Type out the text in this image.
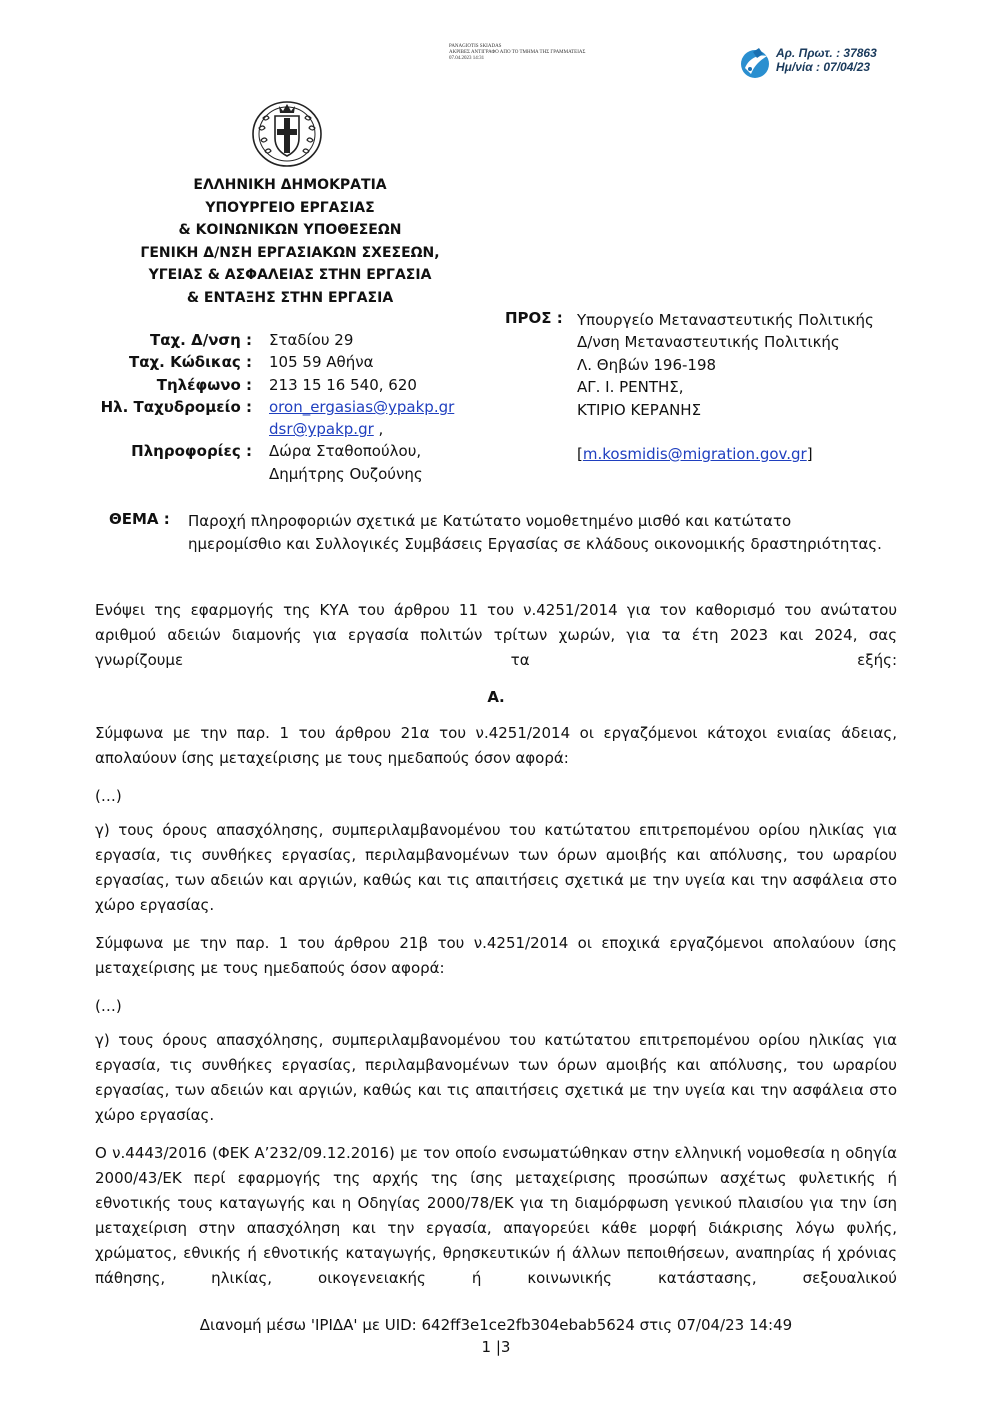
PANAGIOTIS SKIADAS
ΑΚΡΙΒΕΣ ΑΝΤΙΓΡΑΦΟ ΑΠΟ ΤΟ ΤΜΗΜΑ ΤΗΣ ΓΡΑΜΜΑΤΕΙΑΣ
07.04.2023 14:31	Αρ. Πρωτ. : 37863
Ημ/νία : 07/04/23
ΕΛΛΗΝΙΚΗ ΔΗΜΟΚΡΑΤΙΑ
ΥΠΟΥΡΓΕΙΟ ΕΡΓΑΣΙΑΣ
& ΚΟΙΝΩΝΙΚΩΝ ΥΠΟΘΕΣΕΩΝ
ΓΕΝΙΚΗ Δ/ΝΣΗ ΕΡΓΑΣΙΑΚΩΝ ΣΧΕΣΕΩΝ,
ΥΓΕΙΑΣ & ΑΣΦΑΛΕΙΑΣ ΣΤΗΝ ΕΡΓΑΣΙΑ
& ΕΝΤΑΞΗΣ ΣΤΗΝ ΕΡΓΑΣΙΑ
Ταχ. Δ/νση : Σταδίου 29
Ταχ. Κώδικας : 105 59 Αθήνα
Τηλέφωνο : 213 15 16 540, 620
Ηλ. Ταχυδρομείο : oron_ergasias@ypakp.gr
dsr@ypakp.gr ,
Πληροφορίες : Δώρα Σταθοπούλου,
Δημήτρης Ουζούνης
ΠΡΟΣ : Υπουργείο Μεταναστευτικής Πολιτικής
Δ/νση Μεταναστευτικής Πολιτικής
Λ. Θηβών 196-198
ΑΓ. Ι. ΡΕΝΤΗΣ,
ΚΤΙΡΙΟ ΚΕΡΑΝΗΣ
[m.kosmidis@migration.gov.gr]
ΘΕΜΑ : Παροχή πληροφοριών σχετικά με Κατώτατο νομοθετημένο μισθό και κατώτατο
ημερομίσθιο και Συλλογικές Συμβάσεις Εργασίας σε κλάδους οικονομικής δραστηριότητας.
Ενόψει της εφαρμογής της ΚΥΑ του άρθρου 11 του ν.4251/2014 για τον καθορισμό του ανώτατου αριθμού αδειών διαμονής για εργασία πολιτών τρίτων χωρών, για τα έτη 2023 και 2024, σας γνωρίζουμε τα εξής:
Α.
Σύμφωνα με την παρ. 1 του άρθρου 21α του ν.4251/2014 οι εργαζόμενοι κάτοχοι ενιαίας άδειας, απολαύουν ίσης μεταχείρισης με τους ημεδαπούς όσον αφορά:
(…)
γ) τους όρους απασχόλησης, συμπεριλαμβανομένου του κατώτατου επιτρεπομένου ορίου ηλικίας για εργασία, τις συνθήκες εργασίας, περιλαμβανομένων των όρων αμοιβής και απόλυσης, του ωραρίου εργασίας, των αδειών και αργιών, καθώς και τις απαιτήσεις σχετικά με την υγεία και την ασφάλεια στο χώρο εργασίας.
Σύμφωνα με την παρ. 1 του άρθρου 21β του ν.4251/2014 οι εποχικά εργαζόμενοι απολαύουν ίσης μεταχείρισης με τους ημεδαπούς όσον αφορά:
(…)
γ) τους όρους απασχόλησης, συμπεριλαμβανομένου του κατώτατου επιτρεπομένου ορίου ηλικίας για εργασία, τις συνθήκες εργασίας, περιλαμβανομένων των όρων αμοιβής και απόλυσης, του ωραρίου εργασίας, των αδειών και αργιών, καθώς και τις απαιτήσεις σχετικά με την υγεία και την ασφάλεια στο χώρο εργασίας.
Ο ν.4443/2016 (ΦΕΚ Α’232/09.12.2016) με τον οποίο ενσωματώθηκαν στην ελληνική νομοθεσία η οδηγία 2000/43/ΕΚ περί εφαρμογής της αρχής της ίσης μεταχείρισης προσώπων ασχέτως φυλετικής ή εθνοτικής τους καταγωγής και η Οδηγίας 2000/78/ΕΚ για τη διαμόρφωση γενικού πλαισίου για την ίση μεταχείριση στην απασχόληση και την εργασία, απαγορεύει κάθε μορφή διάκρισης λόγω φυλής, χρώματος, εθνικής ή εθνοτικής καταγωγής, θρησκευτικών ή άλλων πεποιθήσεων, αναπηρίας ή χρόνιας πάθησης, ηλικίας, οικογενειακής ή κοινωνικής κατάστασης, σεξουαλικού
Διανομή μέσω 'ΙΡΙΔΑ' με UID: 642ff3e1ce2fb304ebab5624 στις 07/04/23 14:49
1 |3
